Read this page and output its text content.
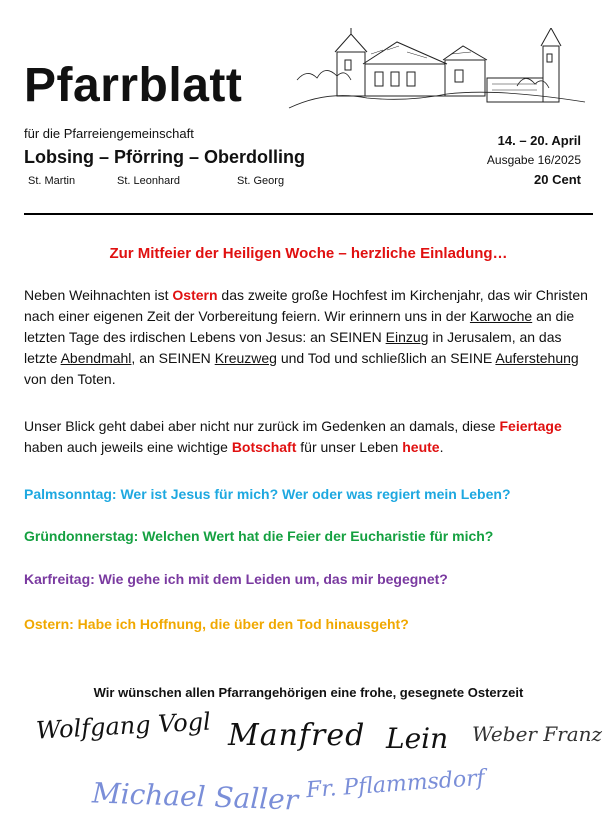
Pfarrblatt
für die Pfarreiengemeinschaft
Lobsing – Pförring – Oberdolling
St. Martin	St. Leonhard	St. Georg
14. – 20. April
Ausgabe 16/2025
20 Cent
Zur Mitfeier der Heiligen Woche – herzliche Einladung…
Neben Weihnachten ist Ostern das zweite große Hochfest im Kirchenjahr, das wir Christen nach einer eigenen Zeit der Vorbereitung feiern. Wir erinnern uns in der Karwoche an die letzten Tage des irdischen Lebens von Jesus: an SEINEN Einzug in Jerusalem, an das letzte Abendmahl, an SEINEN Kreuzweg und Tod und schließlich an SEINE Auferstehung von den Toten.
Unser Blick geht dabei aber nicht nur zurück im Gedenken an damals, diese Feiertage haben auch jeweils eine wichtige Botschaft für unser Leben heute.
Palmsonntag: Wer ist Jesus für mich? Wer oder was regiert mein Leben?
Gründonnerstag: Welchen Wert hat die Feier der Eucharistie für mich?
Karfreitag: Wie gehe ich mit dem Leiden um, das mir begegnet?
Ostern: Habe ich Hoffnung, die über den Tod hinausgeht?
Wir wünschen allen Pfarrangehörigen eine frohe, gesegnete Osterzeit
Wolfgang Vogl Manfred Lein Weber Franz
Michael Saller Fr. Pflammsdorf
